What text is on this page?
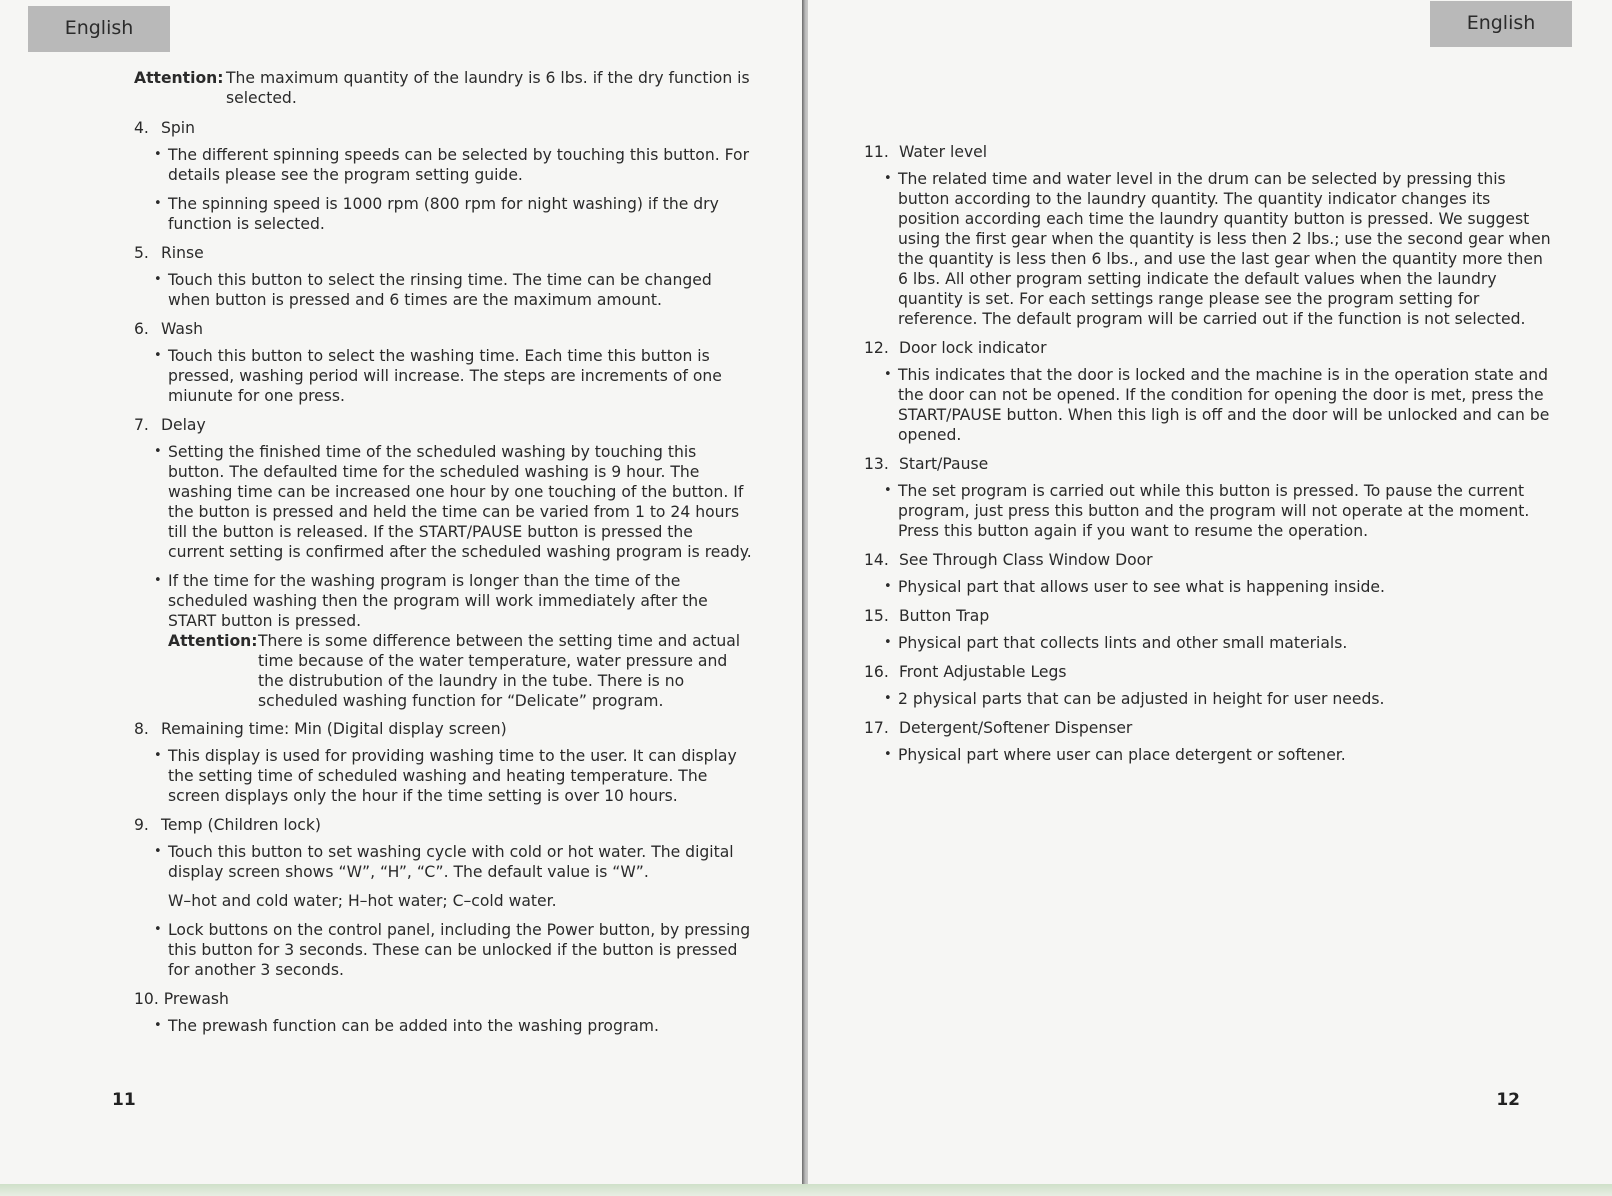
English
Attention: The maximum quantity of the laundry is 6 lbs. if the dry function is selected.
4. Spin
• The different spinning speeds can be selected by touching this button. For details please see the program setting guide.
• The spinning speed is 1000 rpm (800 rpm for night washing) if the dry function is selected.
5. Rinse
• Touch this button to select the rinsing time. The time can be changed when button is pressed and 6 times are the maximum amount.
6. Wash
• Touch this button to select the washing time. Each time this button is pressed, washing period will increase. The steps are increments of one miunute for one press.
7. Delay
• Setting the finished time of the scheduled washing by touching this button. The defaulted time for the scheduled washing is 9 hour. The washing time can be increased one hour by one touching of the button. If the button is pressed and held the time can be varied from 1 to 24 hours till the button is released. If the START/PAUSE button is pressed the current setting is confirmed after the scheduled washing program is ready.
• If the time for the washing program is longer than the time of the scheduled washing then the program will work immediately after the START button is pressed.
Attention: There is some difference between the setting time and actual time because of the water temperature, water pressure and the distrubution of the laundry in the tube. There is no scheduled washing function for “Delicate” program.
8. Remaining time: Min (Digital display screen)
• This display is used for providing washing time to the user. It can display the setting time of scheduled washing and heating temperature. The screen displays only the hour if the time setting is over 10 hours.
9. Temp (Children lock)
• Touch this button to set washing cycle with cold or hot water. The digital display screen shows “W”, “H”, “C”. The default value is “W”.
W–hot and cold water; H–hot water; C–cold water.
• Lock buttons on the control panel, including the Power button, by pressing this button for 3 seconds. These can be unlocked if the button is pressed for another 3 seconds.
10. Prewash
• The prewash function can be added into the washing program.
11
English
11. Water level
• The related time and water level in the drum can be selected by pressing this button according to the laundry quantity. The quantity indicator changes its position according each time the laundry quantity button is pressed. We suggest using the first gear when the quantity is less then 2 lbs.; use the second gear when the quantity is less then 6 lbs., and use the last gear when the quantity more then 6 lbs. All other program setting indicate the default values when the laundry quantity is set. For each settings range please see the program setting for reference. The default program will be carried out if the function is not selected.
12. Door lock indicator
• This indicates that the door is locked and the machine is in the operation state and the door can not be opened. If the condition for opening the door is met, press the START/PAUSE button. When this ligh is off and the door will be unlocked and can be opened.
13. Start/Pause
• The set program is carried out while this button is pressed. To pause the current program, just press this button and the program will not operate at the moment. Press this button again if you want to resume the operation.
14. See Through Class Window Door
• Physical part that allows user to see what is happening inside.
15. Button Trap
• Physical part that collects lints and other small materials.
16. Front Adjustable Legs
• 2 physical parts that can be adjusted in height for user needs.
17. Detergent/Softener Dispenser
• Physical part where user can place detergent or softener.
12
